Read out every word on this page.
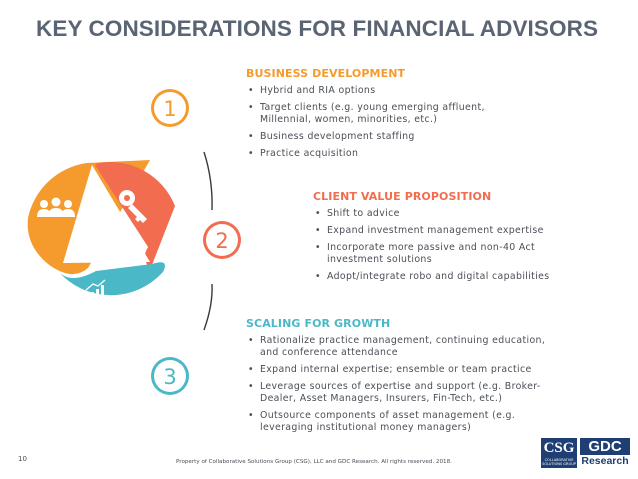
KEY CONSIDERATIONS FOR FINANCIAL ADVISORS
1
2
3
BUSINESS DEVELOPMENT
• Hybrid and RIA options
• Target clients (e.g. young emerging affluent, Millennial, women, minorities, etc.)
• Business development staffing
• Practice acquisition
CLIENT VALUE PROPOSITION
• Shift to advice
• Expand investment management expertise
• Incorporate more passive and non-40 Act investment solutions
• Adopt/integrate robo and digital capabilities
SCALING FOR GROWTH
• Rationalize practice management, continuing education, and conference attendance
• Expand internal expertise; ensemble or team practice
• Leverage sources of expertise and support (e.g. Broker-Dealer, Asset Managers, Insurers, Fin-Tech, etc.)
• Outsource components of asset management (e.g. leveraging institutional money managers)
10	Property of Collaborative Solutions Group (CSG), LLC and GDC Research. All rights reserved. 2018.
CSG
COLLABORATIVE SOLUTIONS GROUP
GDC
Research
